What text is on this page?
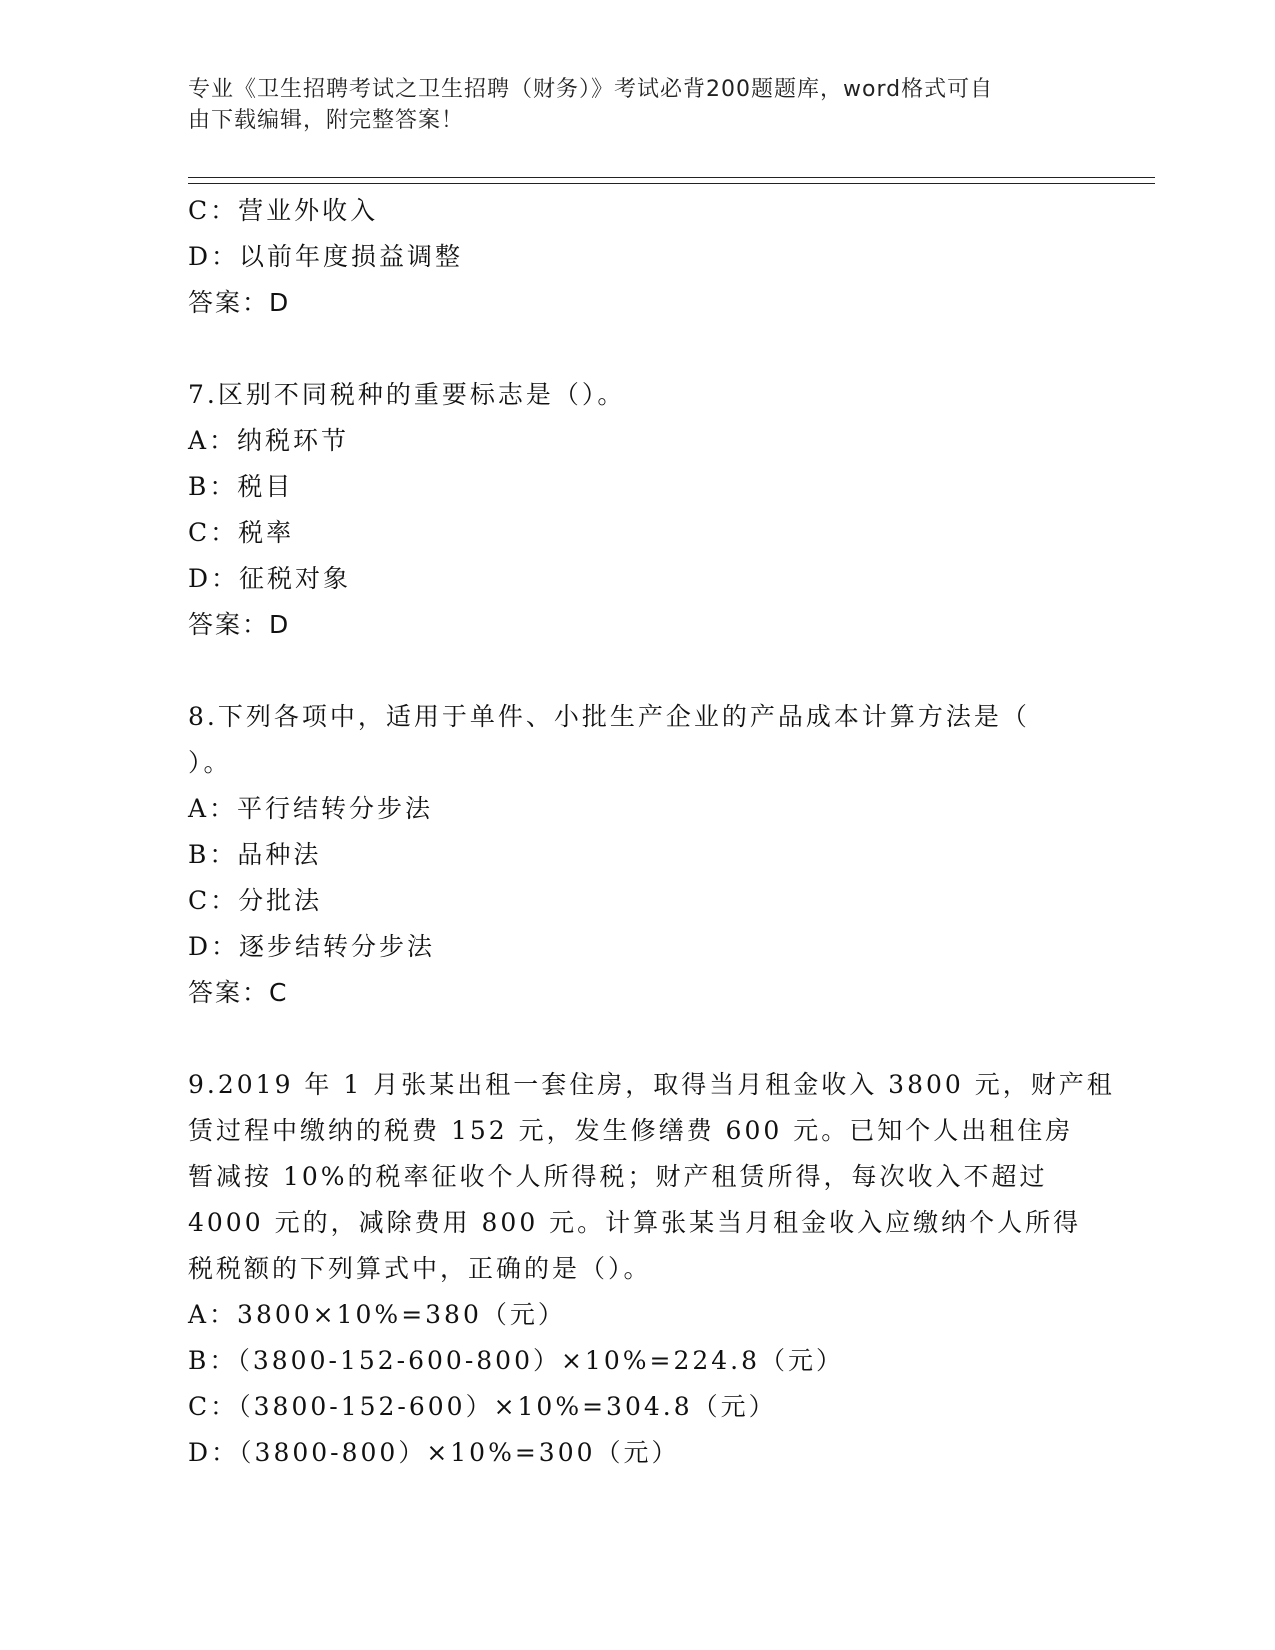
专业《卫生招聘考试之卫生招聘（财务）》考试必背200题题库，word格式可自
由下载编辑，附完整答案！
C：营业外收入
D：以前年度损益调整
答案：D
7.区别不同税种的重要标志是（）。
A：纳税环节
B：税目
C：税率
D：征税对象
答案：D
8.下列各项中，适用于单件、小批生产企业的产品成本计算方法是（
）。
A：平行结转分步法
B：品种法
C：分批法
D：逐步结转分步法
答案：C
9.2019 年 1 月张某出租一套住房，取得当月租金收入 3800 元，财产租
赁过程中缴纳的税费 152 元，发生修缮费 600 元。已知个人出租住房
暂减按 10%的税率征收个人所得税；财产租赁所得，每次收入不超过
4000 元的，减除费用 800 元。计算张某当月租金收入应缴纳个人所得
税税额的下列算式中，正确的是（）。
A：3800×10%=380（元）
B：（3800-152-600-800）×10%=224.8（元）
C：（3800-152-600）×10%=304.8（元）
D：（3800-800）×10%=300（元）
